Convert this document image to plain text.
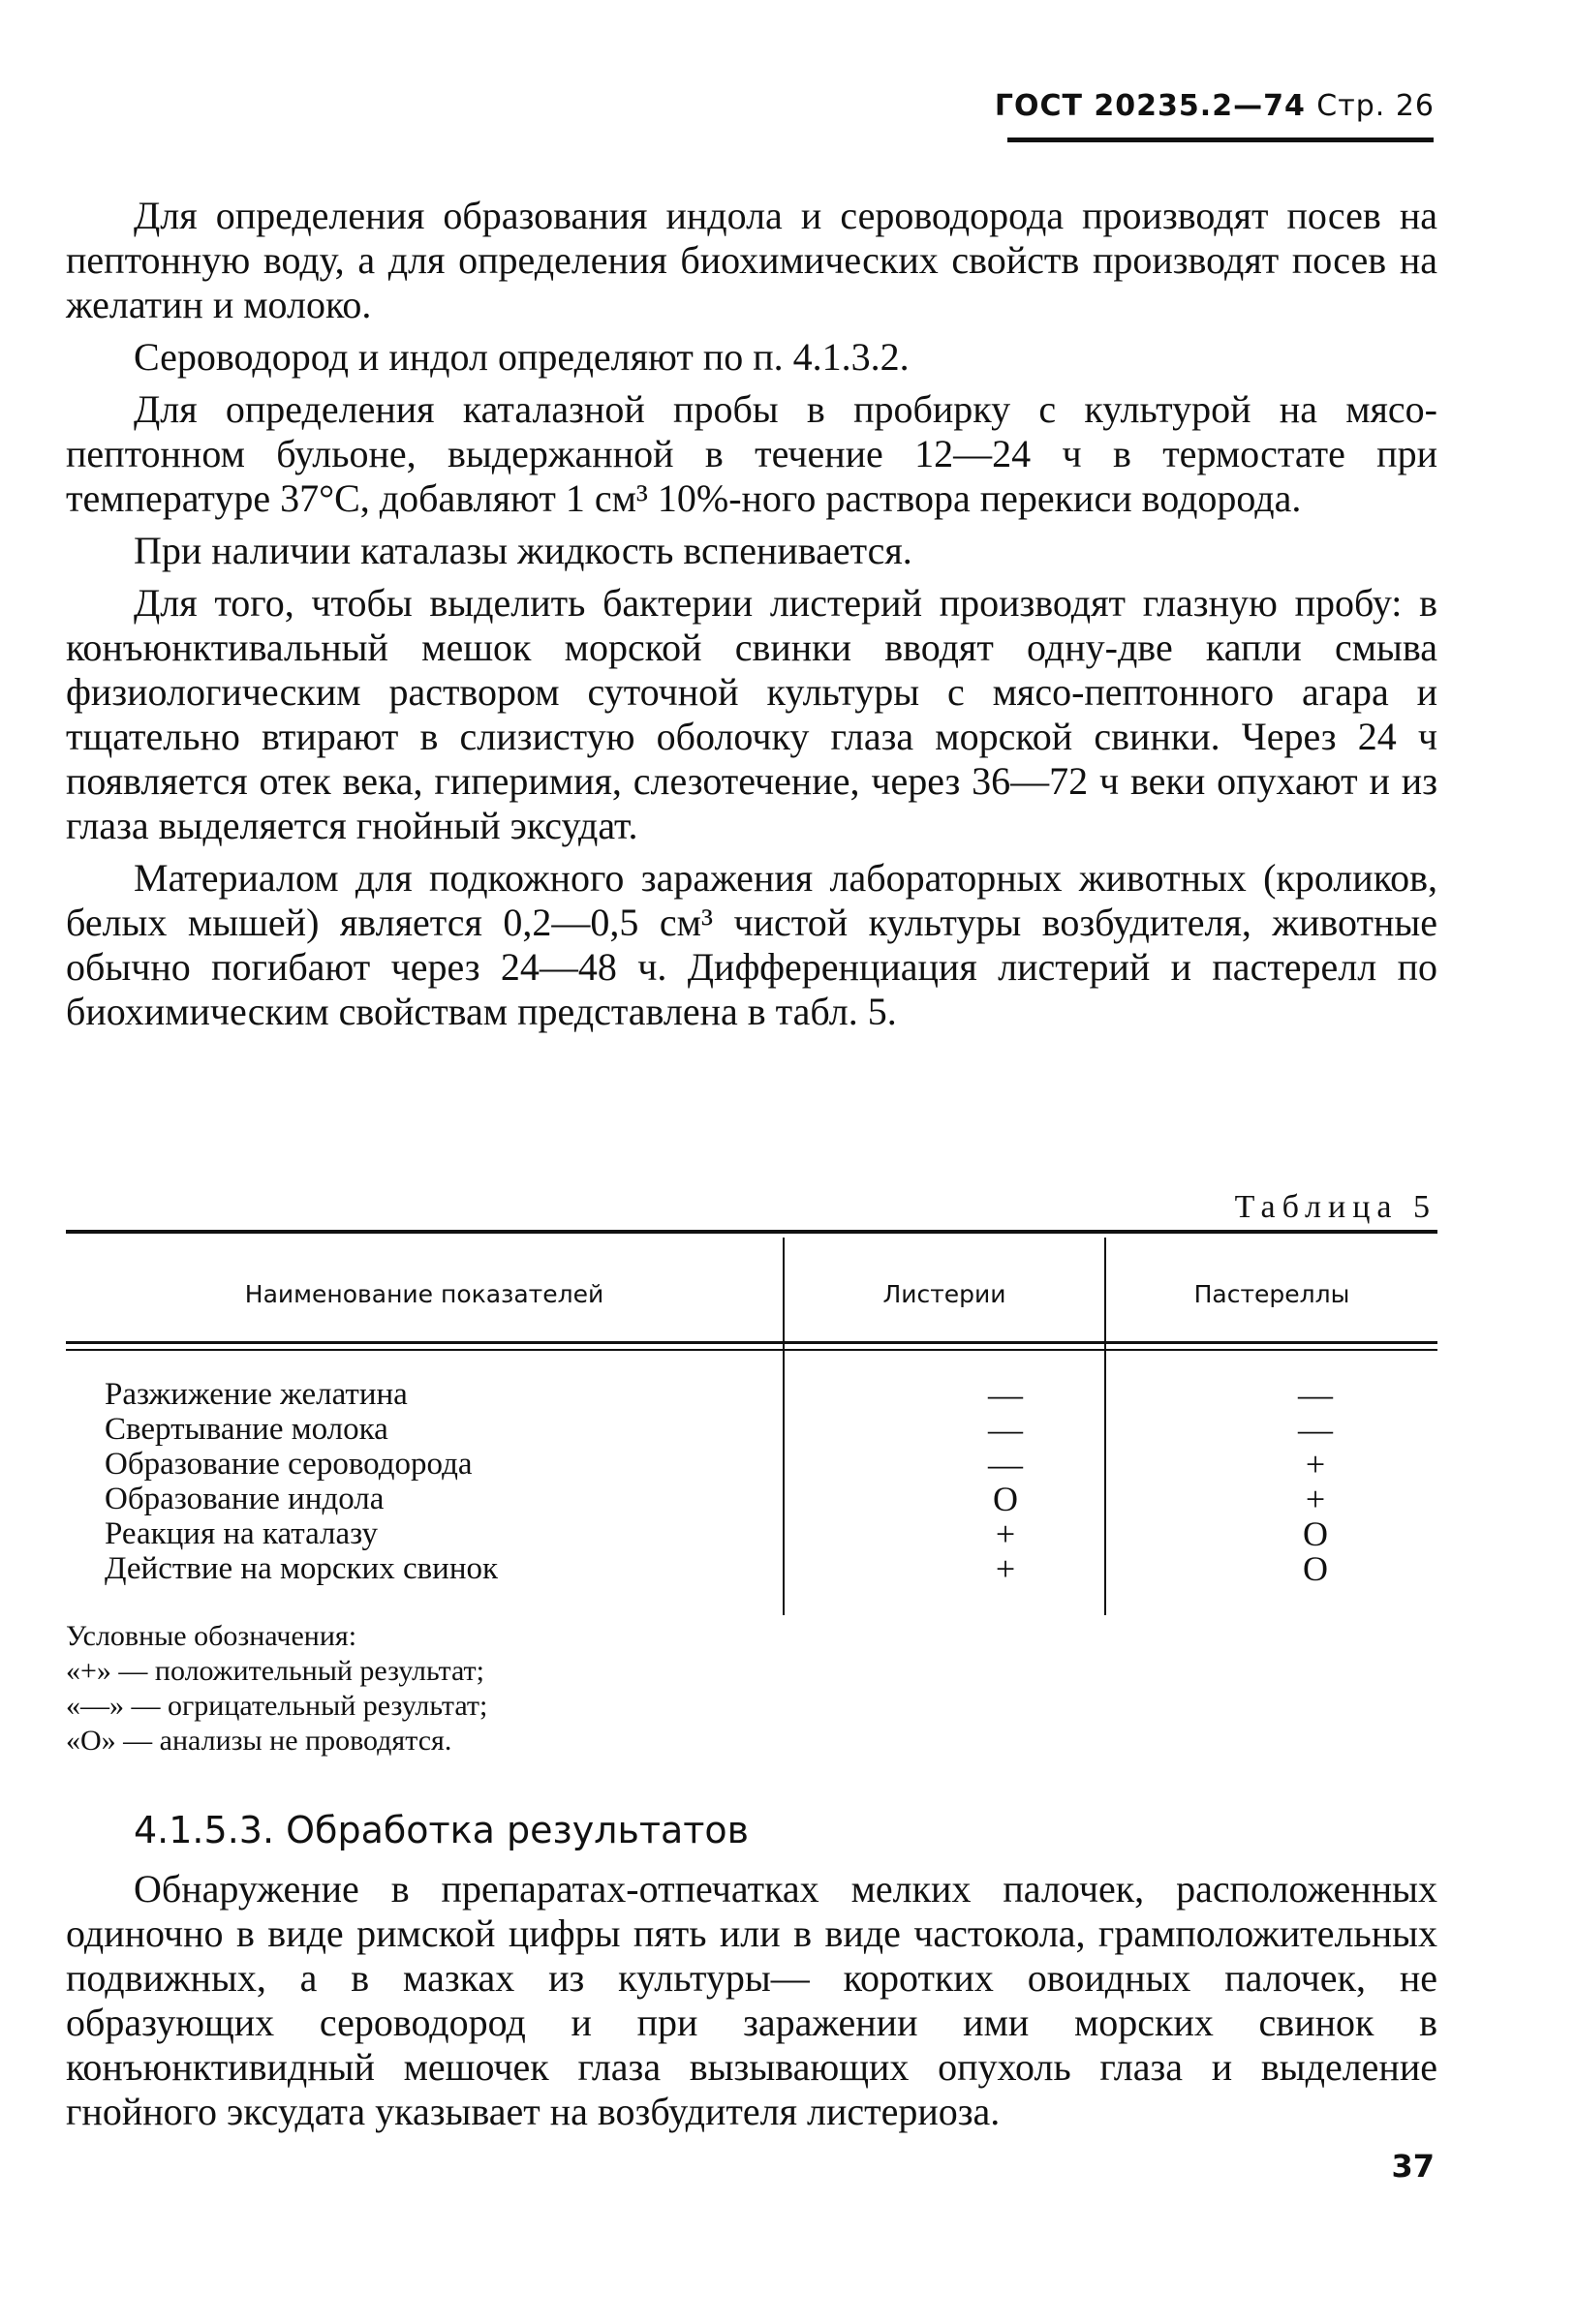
ГОСТ 20235.2—74 Стр. 26

Для определения образования индола и сероводорода производят посев на пептонную воду, а для определения биохимических свойств производят посев на желатин и молоко.

Сероводород и индол определяют по п. 4.1.3.2.

Для определения каталазной пробы в пробирку с культурой на мясо-пептонном бульоне, выдержанной в течение 12—24 ч в термостате при температуре 37°С, добавляют 1 см³ 10%-ного раствора перекиси водорода.

При наличии каталазы жидкость вспенивается.

Для того, чтобы выделить бактерии листерий производят глазную пробу: в конъюнктивальный мешок морской свинки вводят одну-две капли смыва физиологическим раствором суточной культуры с мясо-пептонного агара и тщательно втирают в слизистую оболочку глаза морской свинки. Через 24 ч появляется отек века, гиперимия, слезотечение, через 36—72 ч веки опухают и из глаза выделяется гнойный эксудат.

Материалом для подкожного заражения лабораторных животных (кроликов, белых мышей) является 0,2—0,5 см³ чистой культуры возбудителя, животные обычно погибают через 24—48 ч. Дифференциация листерий и пастерелл по биохимическим свойствам представлена в табл. 5.

Таблица 5
Наименование показателей	Листерии	Пастереллы
Разжижение желатина	—	—
Свертывание молока	—	—
Образование сероводорода	—	+
Образование индола	О	+
Реакция на каталазу	+	О
Действие на морских свинок	+	О
Условные обозначения:
«+» — положительный результат;
«—» — огрицательный результат;
«О» — анализы не проводятся.
4.1.5.3. Обработка результатов

Обнаружение в препаратах-отпечатках мелких палочек, расположенных одиночно в виде римской цифры пять или в виде частокола, грамположительных подвижных, а в мазках из культуры— коротких овоидных палочек, не образующих сероводород и при заражении ими морских свинок в конъюнктивидный мешочек глаза вызывающих опухоль глаза и выделение гнойного эксудата указывает на возбудителя листериоза.

37
